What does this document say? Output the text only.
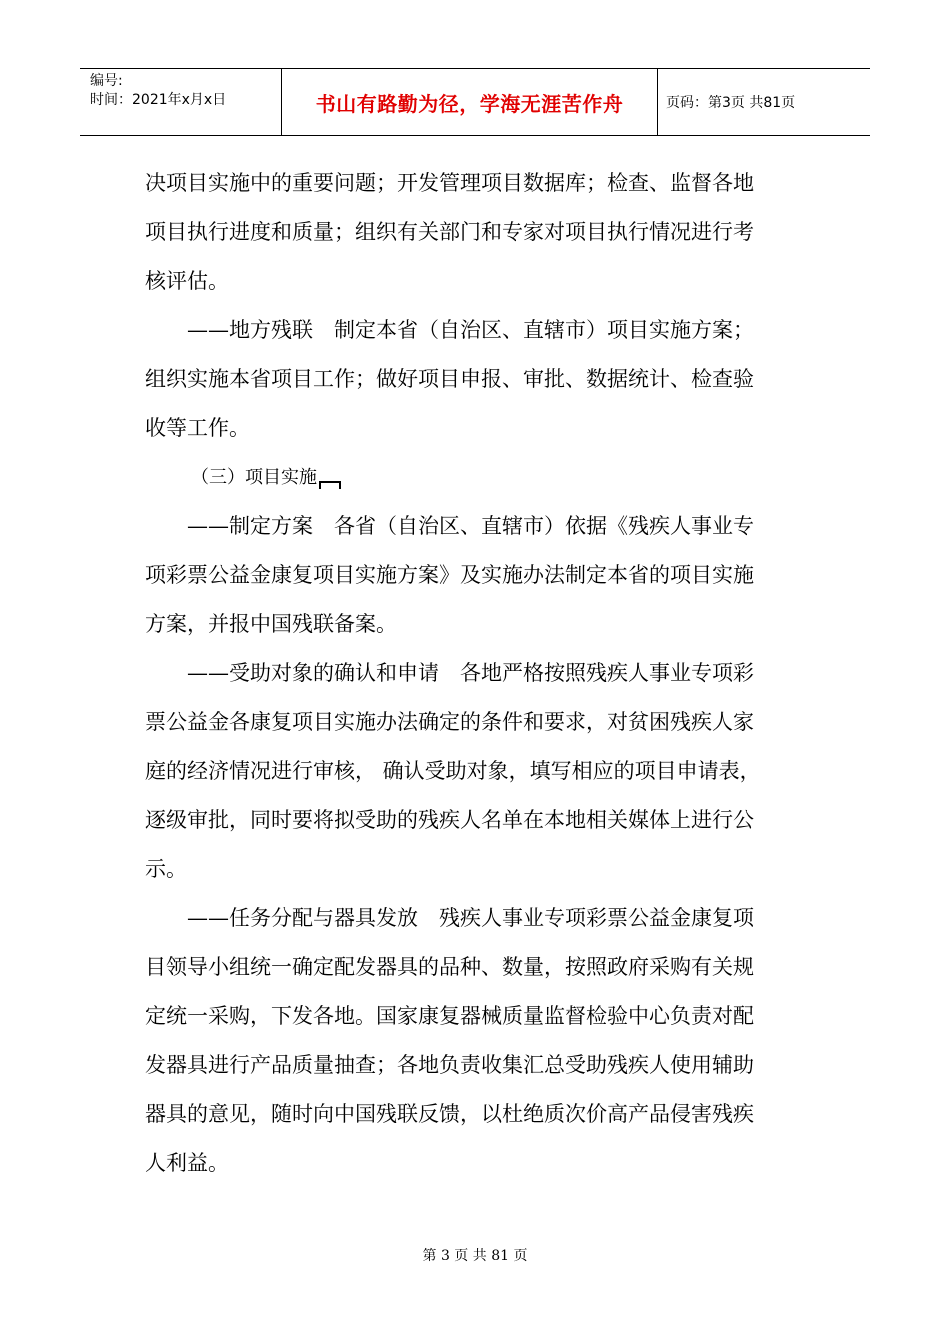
编号:
时间：2021年x月x日	书山有路勤为径，学海无涯苦作舟	页码：第3页 共81页
决项目实施中的重要问题；开发管理项目数据库；检查、监督各地
项目执行进度和质量；组织有关部门和专家对项目执行情况进行考
核评估。
——地方残联　制定本省（自治区、直辖市）项目实施方案；
组织实施本省项目工作；做好项目申报、审批、数据统计、检查验
收等工作。
（三）项目实施
——制定方案　各省（自治区、直辖市）依据《残疾人事业专
项彩票公益金康复项目实施方案》及实施办法制定本省的项目实施
方案，并报中国残联备案。
——受助对象的确认和申请　各地严格按照残疾人事业专项彩
票公益金各康复项目实施办法确定的条件和要求，对贫困残疾人家
庭的经济情况进行审核， 确认受助对象，填写相应的项目申请表，
逐级审批，同时要将拟受助的残疾人名单在本地相关媒体上进行公
示。
——任务分配与器具发放　残疾人事业专项彩票公益金康复项
目领导小组统一确定配发器具的品种、数量，按照政府采购有关规
定统一采购，下发各地。国家康复器械质量监督检验中心负责对配
发器具进行产品质量抽查；各地负责收集汇总受助残疾人使用辅助
器具的意见，随时向中国残联反馈，以杜绝质次价高产品侵害残疾
人利益。
第 3 页 共 81 页
